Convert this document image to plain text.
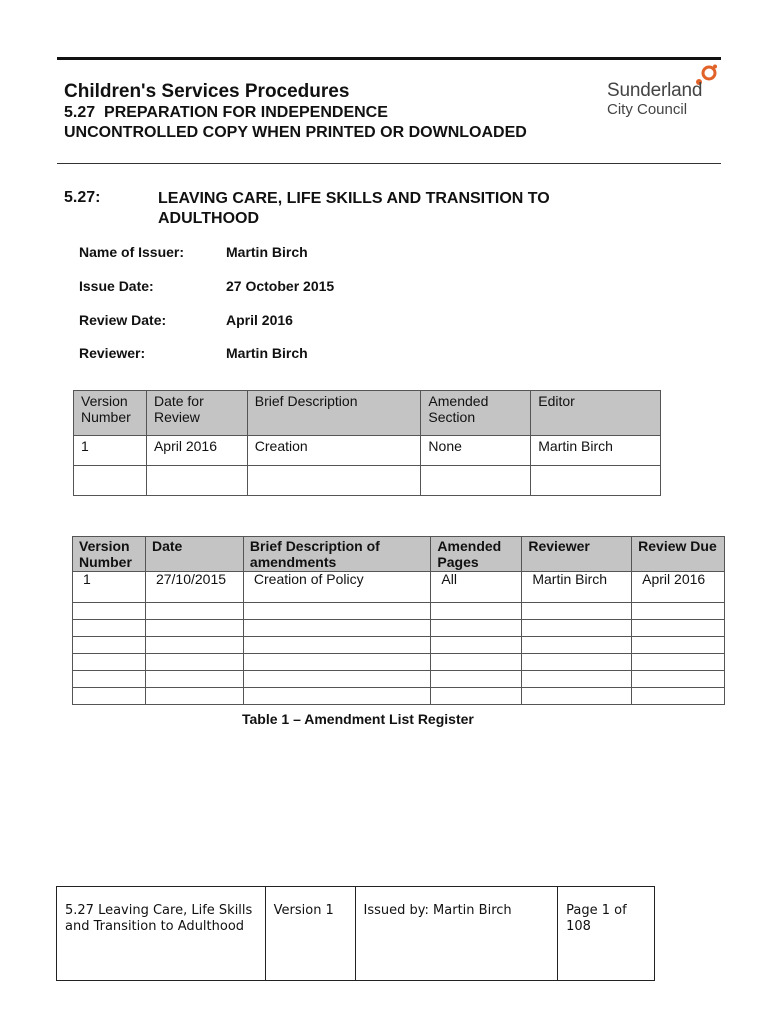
Children's Services Procedures
5.27  PREPARATION FOR INDEPENDENCE
UNCONTROLLED COPY WHEN PRINTED OR DOWNLOADED
Sunderland
City Council
5.27:	LEAVING CARE, LIFE SKILLS AND TRANSITION TO ADULTHOOD
Name of Issuer:	Martin Birch
Issue Date:	27 October 2015
Review Date:	April 2016
Reviewer:	Martin Birch
Version Number	Date for Review	Brief Description	Amended Section	Editor
1	April 2016	Creation	None	Martin Birch

Version Number	Date	Brief Description of amendments	Amended Pages	Reviewer	Review Due
1	27/10/2015	Creation of Policy	All	Martin Birch	April 2016

Table 1 – Amendment List Register
5.27 Leaving Care, Life Skills and Transition to Adulthood	Version 1	Issued by: Martin Birch	Page 1 of 108
